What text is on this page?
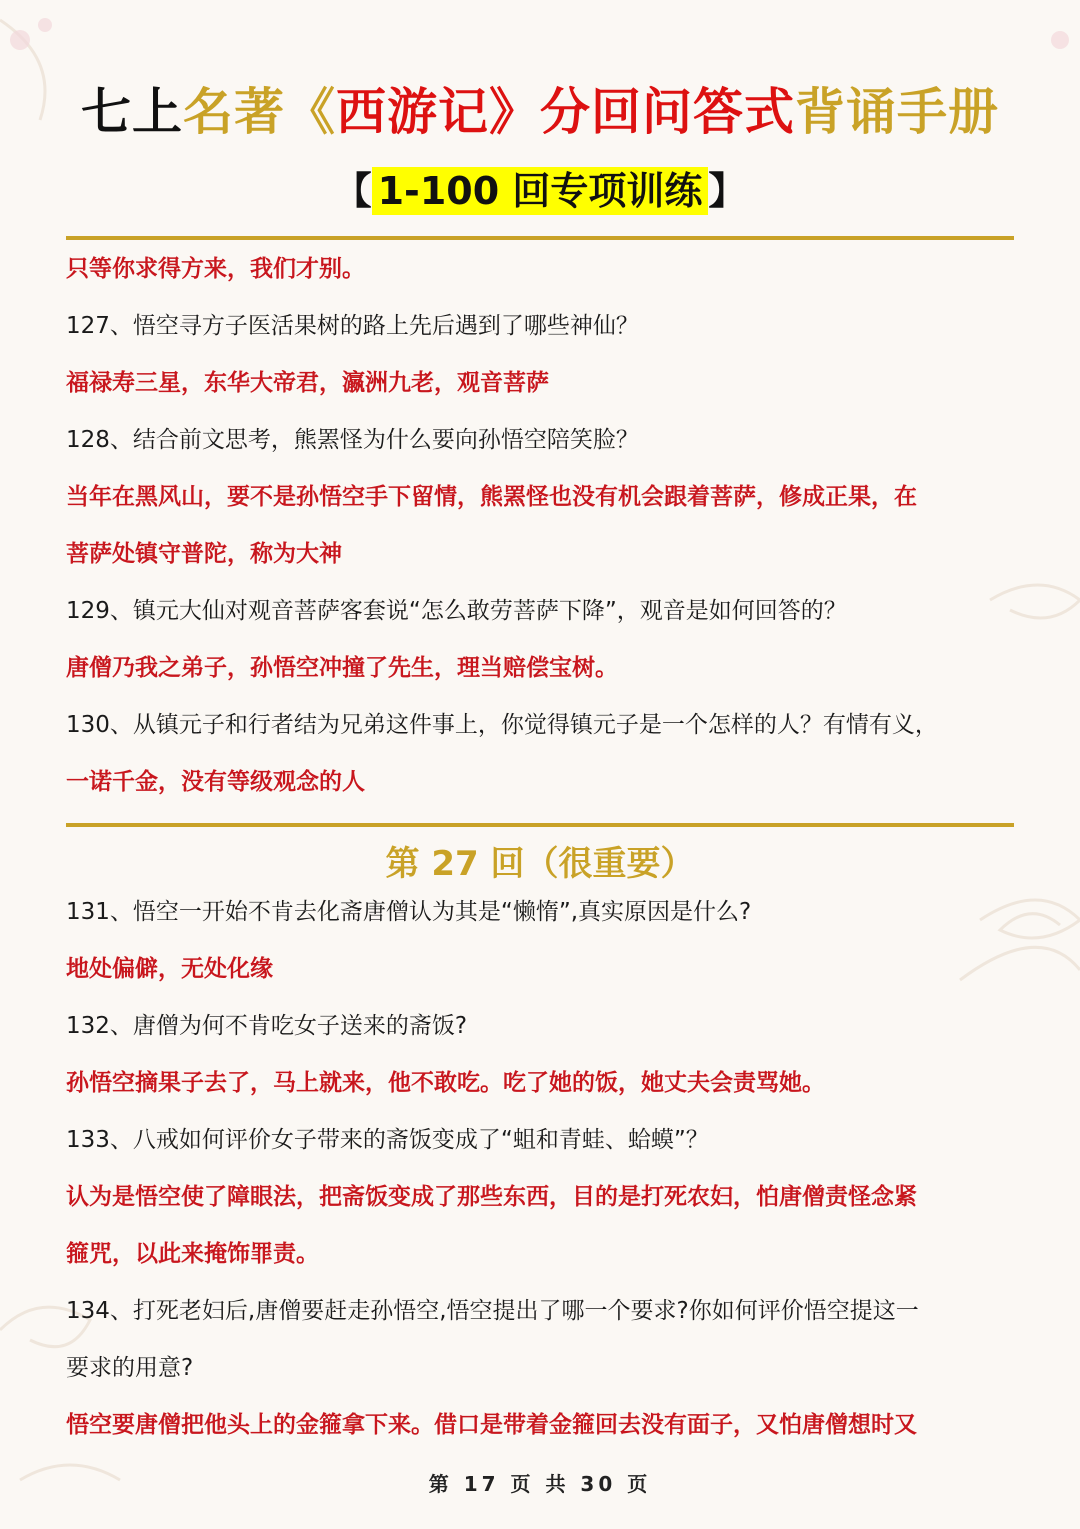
七上名著《西游记》分回问答式背诵手册
【 1-100 回专项训练 】
只等你求得方来，我们才别。
127、悟空寻方子医活果树的路上先后遇到了哪些神仙？
福禄寿三星，东华大帝君，瀛洲九老，观音菩萨
128、结合前文思考，熊罴怪为什么要向孙悟空陪笑脸？
当年在黑风山，要不是孙悟空手下留情，熊罴怪也没有机会跟着菩萨，修成正果，在
菩萨处镇守普陀，称为大神
129、镇元大仙对观音菩萨客套说“怎么敢劳菩萨下降”，观音是如何回答的？
唐僧乃我之弟子，孙悟空冲撞了先生，理当赔偿宝树。
130、从镇元子和行者结为兄弟这件事上，你觉得镇元子是一个怎样的人？有情有义，
一诺千金，没有等级观念的人
第 27 回（很重要）
131、悟空一开始不肯去化斋唐僧认为其是“懒惰”,真实原因是什么?
地处偏僻，无处化缘
132、唐僧为何不肯吃女子送来的斋饭?
孙悟空摘果子去了，马上就来，他不敢吃。吃了她的饭，她丈夫会责骂她。
133、八戒如何评价女子带来的斋饭变成了“蛆和青蛙、蛤蟆”？
认为是悟空使了障眼法，把斋饭变成了那些东西，目的是打死农妇，怕唐僧责怪念紧
箍咒，以此来掩饰罪责。
134、打死老妇后,唐僧要赶走孙悟空,悟空提出了哪一个要求?你如何评价悟空提这一
要求的用意?
悟空要唐僧把他头上的金箍拿下来。借口是带着金箍回去没有面子，又怕唐僧想时又
第 17 页 共 30 页
